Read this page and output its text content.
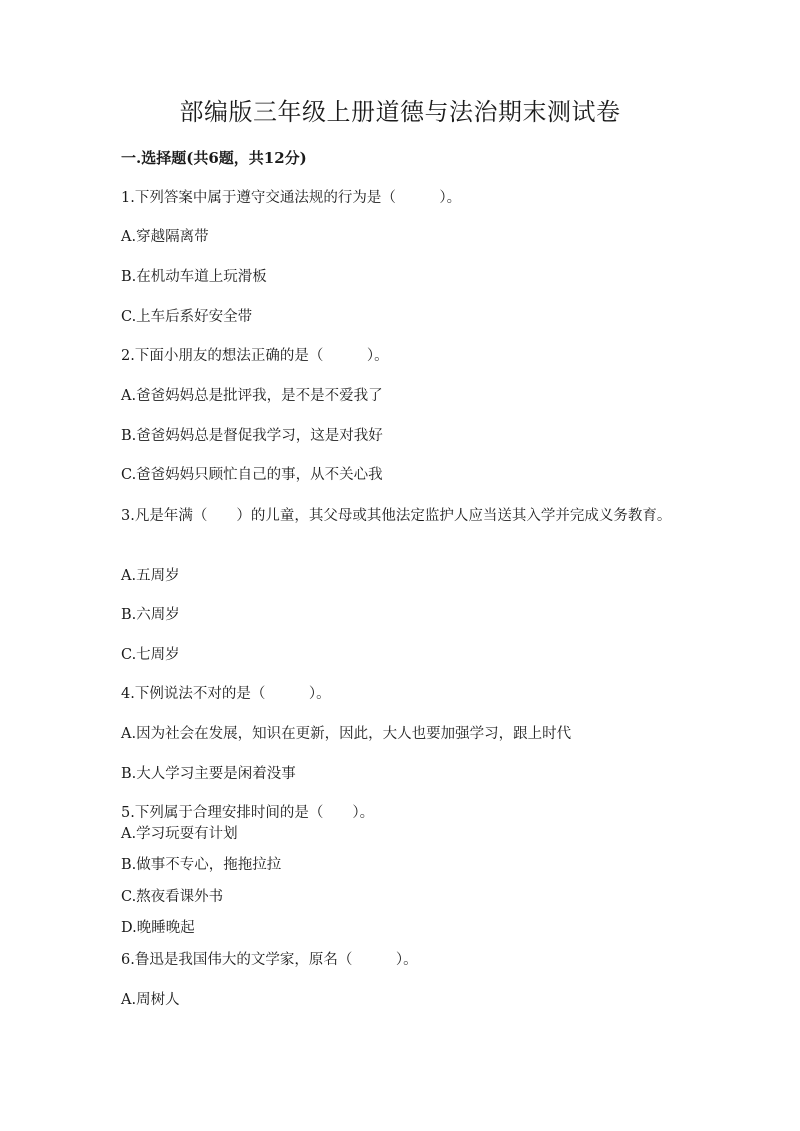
部编版三年级上册道德与法治期末测试卷
一.选择题(共6题，共12分)
1.下列答案中属于遵守交通法规的行为是（　　　）。
A.穿越隔离带
B.在机动车道上玩滑板
C.上车后系好安全带
2.下面小朋友的想法正确的是（　　　）。
A.爸爸妈妈总是批评我，是不是不爱我了
B.爸爸妈妈总是督促我学习，这是对我好
C.爸爸妈妈只顾忙自己的事，从不关心我
3.凡是年满（　　）的儿童，其父母或其他法定监护人应当送其入学并完成义务教育。
A.五周岁
B.六周岁
C.七周岁
4.下例说法不对的是（　　　）。
A.因为社会在发展，知识在更新，因此，大人也要加强学习，跟上时代
B.大人学习主要是闲着没事
5.下列属于合理安排时间的是（　　）。
A.学习玩耍有计划
B.做事不专心，拖拖拉拉
C.熬夜看课外书
D.晚睡晚起
6.鲁迅是我国伟大的文学家，原名（　　　）。
A.周树人
